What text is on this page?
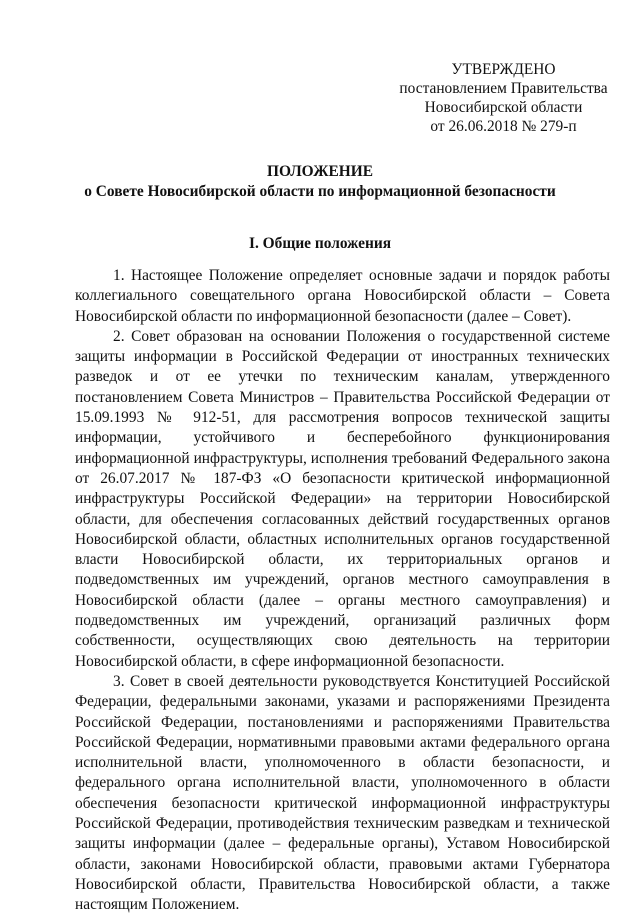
УТВЕРЖДЕНО
постановлением Правительства
Новосибирской области
от 26.06.2018 № 279-п
ПОЛОЖЕНИЕ
о Совете Новосибирской области по информационной безопасности
I. Общие положения

1. Настоящее Положение определяет основные задачи и порядок работы коллегиального совещательного органа Новосибирской области – Совета Новосибирской области по информационной безопасности (далее – Совет).

2. Совет образован на основании Положения о государственной системе защиты информации в Российской Федерации от иностранных технических разведок и от ее утечки по техническим каналам, утвержденного постановлением Совета Министров – Правительства Российской Федерации от 15.09.1993 № 912-51, для рассмотрения вопросов технической защиты информации, устойчивого и бесперебойного функционирования информационной инфраструктуры, исполнения требований Федерального закона от 26.07.2017 № 187-ФЗ «О безопасности критической информационной инфраструктуры Российской Федерации» на территории Новосибирской области, для обеспечения согласованных действий государственных органов Новосибирской области, областных исполнительных органов государственной власти Новосибирской области, их территориальных органов и подведомственных им учреждений, органов местного самоуправления в Новосибирской области (далее – органы местного самоуправления) и подведомственных им учреждений, организаций различных форм собственности, осуществляющих свою деятельность на территории Новосибирской области, в сфере информационной безопасности.

3. Совет в своей деятельности руководствуется Конституцией Российской Федерации, федеральными законами, указами и распоряжениями Президента Российской Федерации, постановлениями и распоряжениями Правительства Российской Федерации, нормативными правовыми актами федерального органа исполнительной власти, уполномоченного в области безопасности, и федерального органа исполнительной власти, уполномоченного в области обеспечения безопасности критической информационной инфраструктуры Российской Федерации, противодействия техническим разведкам и технической защиты информации (далее – федеральные органы), Уставом Новосибирской области, законами Новосибирской области, правовыми актами Губернатора Новосибирской области, Правительства Новосибирской области, а также настоящим Положением.
